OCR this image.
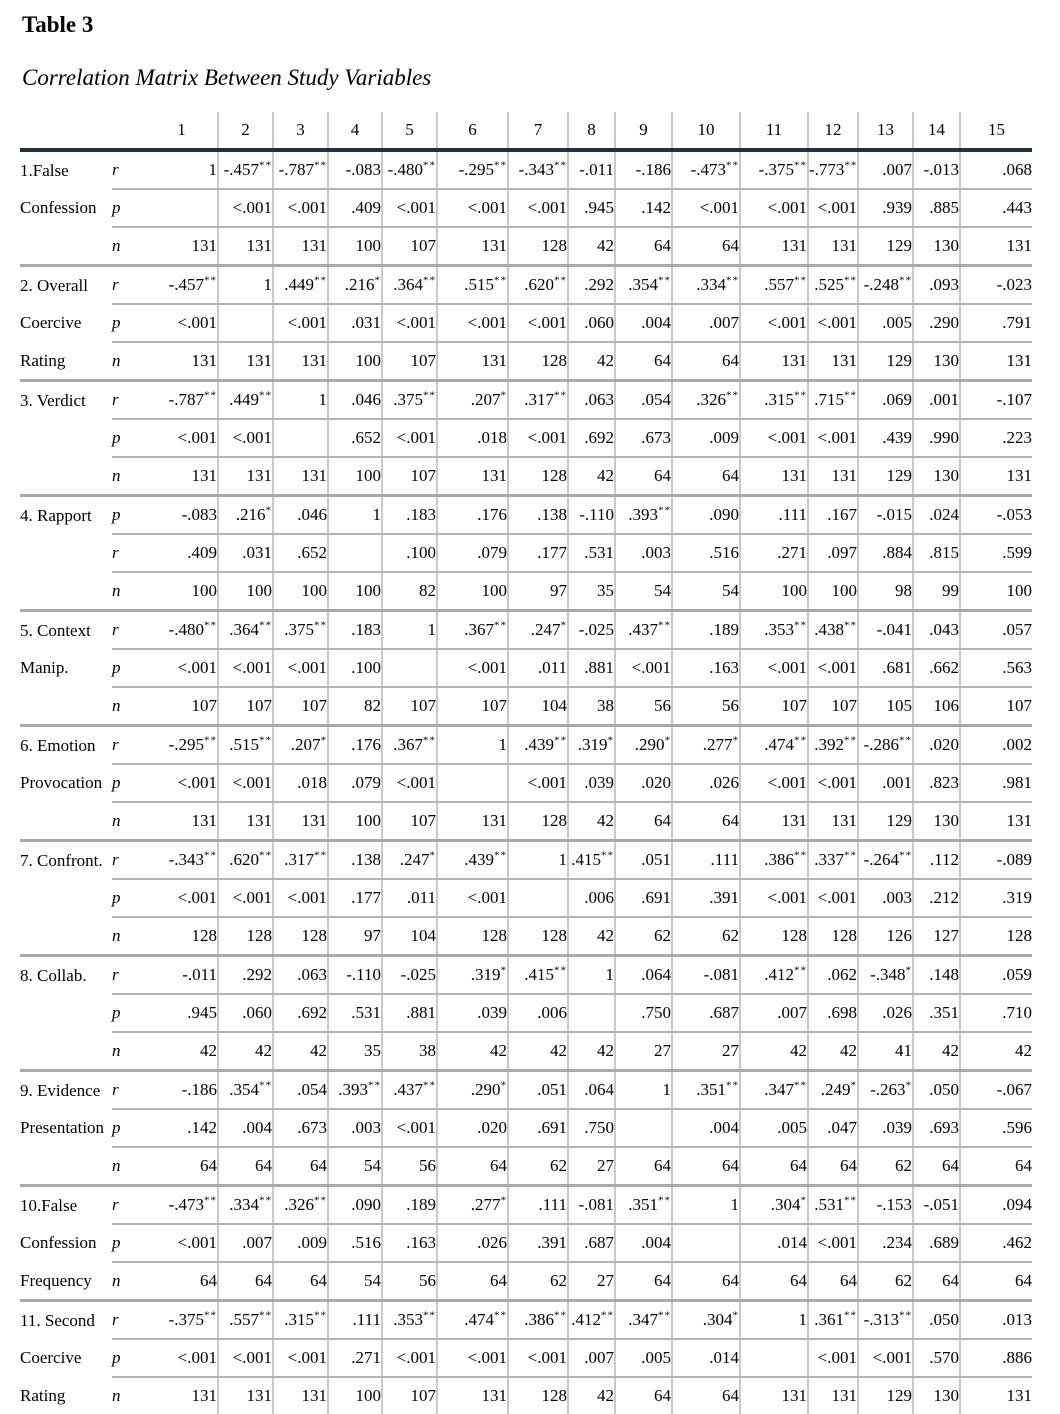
Table 3
Correlation Matrix Between Study Variables
		1	2	3	4	5	6	7	8	9	10	11	12	13	14	15
1.False	r	1	-.457**	-.787**	-.083	-.480**	-.295**	-.343**	-.011	-.186	-.473**	-.375**	-.773**	.007	-.013	.068
Confession	p		<.001	<.001	.409	<.001	<.001	<.001	.945	.142	<.001	<.001	<.001	.939	.885	.443
	n	131	131	131	100	107	131	128	42	64	64	131	131	129	130	131
2. Overall	r	-.457**	1	.449**	.216*	.364**	.515**	.620**	.292	.354**	.334**	.557**	.525**	-.248**	.093	-.023
Coercive	p	<.001		<.001	.031	<.001	<.001	<.001	.060	.004	.007	<.001	<.001	.005	.290	.791
Rating	n	131	131	131	100	107	131	128	42	64	64	131	131	129	130	131
3. Verdict	r	-.787**	.449**	1	.046	.375**	.207*	.317**	.063	.054	.326**	.315**	.715**	.069	.001	-.107
	p	<.001	<.001		.652	<.001	.018	<.001	.692	.673	.009	<.001	<.001	.439	.990	.223
	n	131	131	131	100	107	131	128	42	64	64	131	131	129	130	131
4. Rapport	p	-.083	.216*	.046	1	.183	.176	.138	-.110	.393**	.090	.111	.167	-.015	.024	-.053
	r	.409	.031	.652		.100	.079	.177	.531	.003	.516	.271	.097	.884	.815	.599
	n	100	100	100	100	82	100	97	35	54	54	100	100	98	99	100
5. Context	r	-.480**	.364**	.375**	.183	1	.367**	.247*	-.025	.437**	.189	.353**	.438**	-.041	.043	.057
Manip.	p	<.001	<.001	<.001	.100		<.001	.011	.881	<.001	.163	<.001	<.001	.681	.662	.563
	n	107	107	107	82	107	107	104	38	56	56	107	107	105	106	107
6. Emotion	r	-.295**	.515**	.207*	.176	.367**	1	.439**	.319*	.290*	.277*	.474**	.392**	-.286**	.020	.002
Provocation	p	<.001	<.001	.018	.079	<.001		<.001	.039	.020	.026	<.001	<.001	.001	.823	.981
	n	131	131	131	100	107	131	128	42	64	64	131	131	129	130	131
7. Confront.	r	-.343**	.620**	.317**	.138	.247*	.439**	1	.415**	.051	.111	.386**	.337**	-.264**	.112	-.089
	p	<.001	<.001	<.001	.177	.011	<.001		.006	.691	.391	<.001	<.001	.003	.212	.319
	n	128	128	128	97	104	128	128	42	62	62	128	128	126	127	128
8. Collab.	r	-.011	.292	.063	-.110	-.025	.319*	.415**	1	.064	-.081	.412**	.062	-.348*	.148	.059
	p	.945	.060	.692	.531	.881	.039	.006		.750	.687	.007	.698	.026	.351	.710
	n	42	42	42	35	38	42	42	42	27	27	42	42	41	42	42
9. Evidence	r	-.186	.354**	.054	.393**	.437**	.290*	.051	.064	1	.351**	.347**	.249*	-.263*	.050	-.067
Presentation	p	.142	.004	.673	.003	<.001	.020	.691	.750		.004	.005	.047	.039	.693	.596
	n	64	64	64	54	56	64	62	27	64	64	64	64	62	64	64
10.False	r	-.473**	.334**	.326**	.090	.189	.277*	.111	-.081	.351**	1	.304*	.531**	-.153	-.051	.094
Confession	p	<.001	.007	.009	.516	.163	.026	.391	.687	.004		.014	<.001	.234	.689	.462
Frequency	n	64	64	64	54	56	64	62	27	64	64	64	64	62	64	64
11. Second	r	-.375**	.557**	.315**	.111	.353**	.474**	.386**	.412**	.347**	.304*	1	.361**	-.313**	.050	.013
Coercive	p	<.001	<.001	<.001	.271	<.001	<.001	<.001	.007	.005	.014		<.001	<.001	.570	.886
Rating	n	131	131	131	100	107	131	128	42	64	64	131	131	129	130	131
